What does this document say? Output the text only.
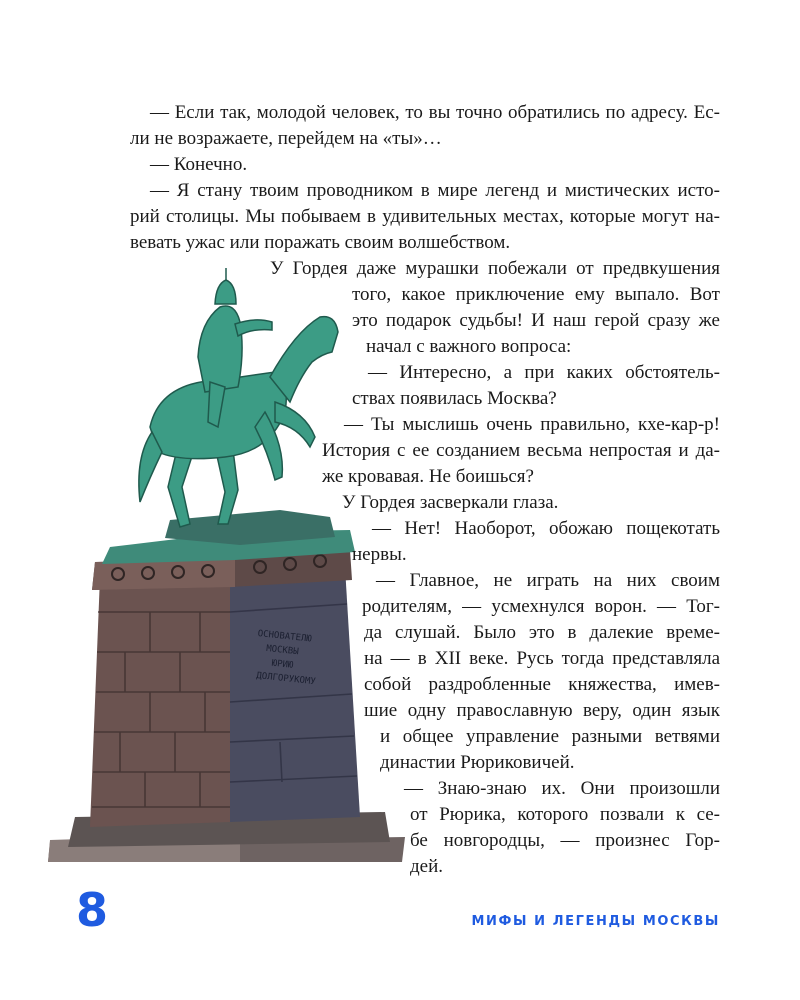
ОСНОВАТЕЛЮ
МОСКВЫ
ЮРИЮ
ДОЛГОРУКОМУ
— Если так, молодой человек, то вы точно обратились по адресу. Ес-
ли не возражаете, перейдем на «ты»…
— Конечно.
— Я стану твоим проводником в мире легенд и мистических исто-
рий столицы. Мы побываем в удивительных местах, которые могут на-
вевать ужас или поражать своим волшебством.
У Гордея даже мурашки побежали от предвкушения
того, какое приключение ему выпало. Вот
это подарок судьбы! И наш герой сразу же
начал с важного вопроса:
— Интересно, а при каких обстоятель-
ствах появилась Москва?
— Ты мыслишь очень правильно, кхе-кар-р!
История с ее созданием весьма непростая и да-
же кровавая. Не боишься?
У Гордея засверкали глаза.
— Нет! Наоборот, обожаю пощекотать
нервы.
— Главное, не играть на них своим
родителям, — усмехнулся ворон. — Тог-
да слушай. Было это в далекие време-
на — в XII веке. Русь тогда представляла
собой раздробленные княжества, имев-
шие одну православную веру, один язык
и общее управление разными ветвями
династии Рюриковичей.
— Знаю-знаю их. Они произошли
от Рюрика, которого позвали к се-
бе новгородцы, — произнес Гор-
дей.
8	МИФЫ И ЛЕГЕНДЫ МОСКВЫ
